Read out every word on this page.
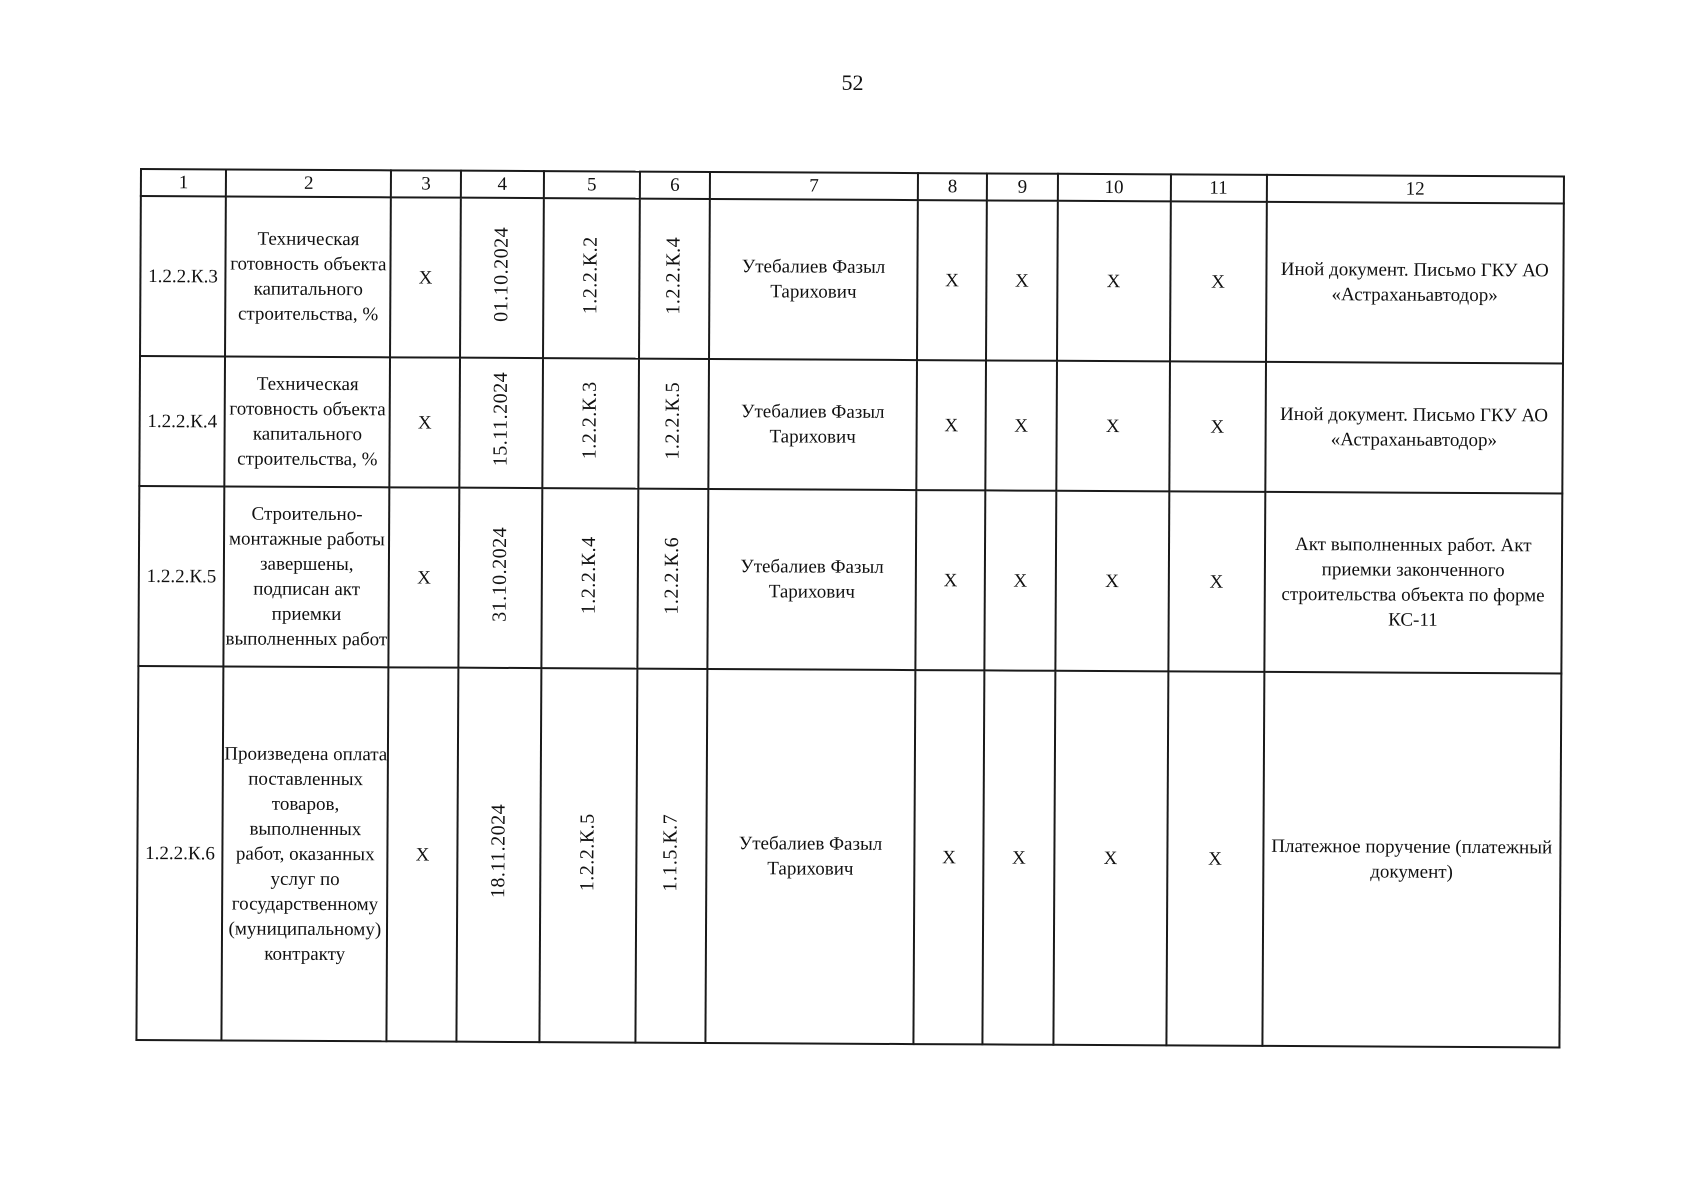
52
1	2	3	4	5	6	7	8	9	10	11	12
1.2.2.К.3	Техническая готовность объекта капитального строительства, %	Х	01.10.2024	1.2.2.К.2	1.2.2.К.4	Утебалиев Фазыл Тарихович	Х	Х	Х	Х	Иной документ. Письмо ГКУ АО «Астраханьавтодор»
1.2.2.К.4	Техническая готовность объекта капитального строительства, %	Х	15.11.2024	1.2.2.К.3	1.2.2.К.5	Утебалиев Фазыл Тарихович	Х	Х	Х	Х	Иной документ. Письмо ГКУ АО «Астраханьавтодор»
1.2.2.К.5	Строительно-монтажные работы завершены, подписан акт приемки выполненных работ	Х	31.10.2024	1.2.2.К.4	1.2.2.К.6	Утебалиев Фазыл Тарихович	Х	Х	Х	Х	Акт выполненных работ. Акт приемки законченного строительства объекта по форме КС-11
1.2.2.К.6	Произведена оплата поставленных товаров, выполненных работ, оказанных услуг по государственному (муниципальному) контракту	Х	18.11.2024	1.2.2.К.5	1.1.5.К.7	Утебалиев Фазыл Тарихович	Х	Х	Х	Х	Платежное поручение (платежный документ)
